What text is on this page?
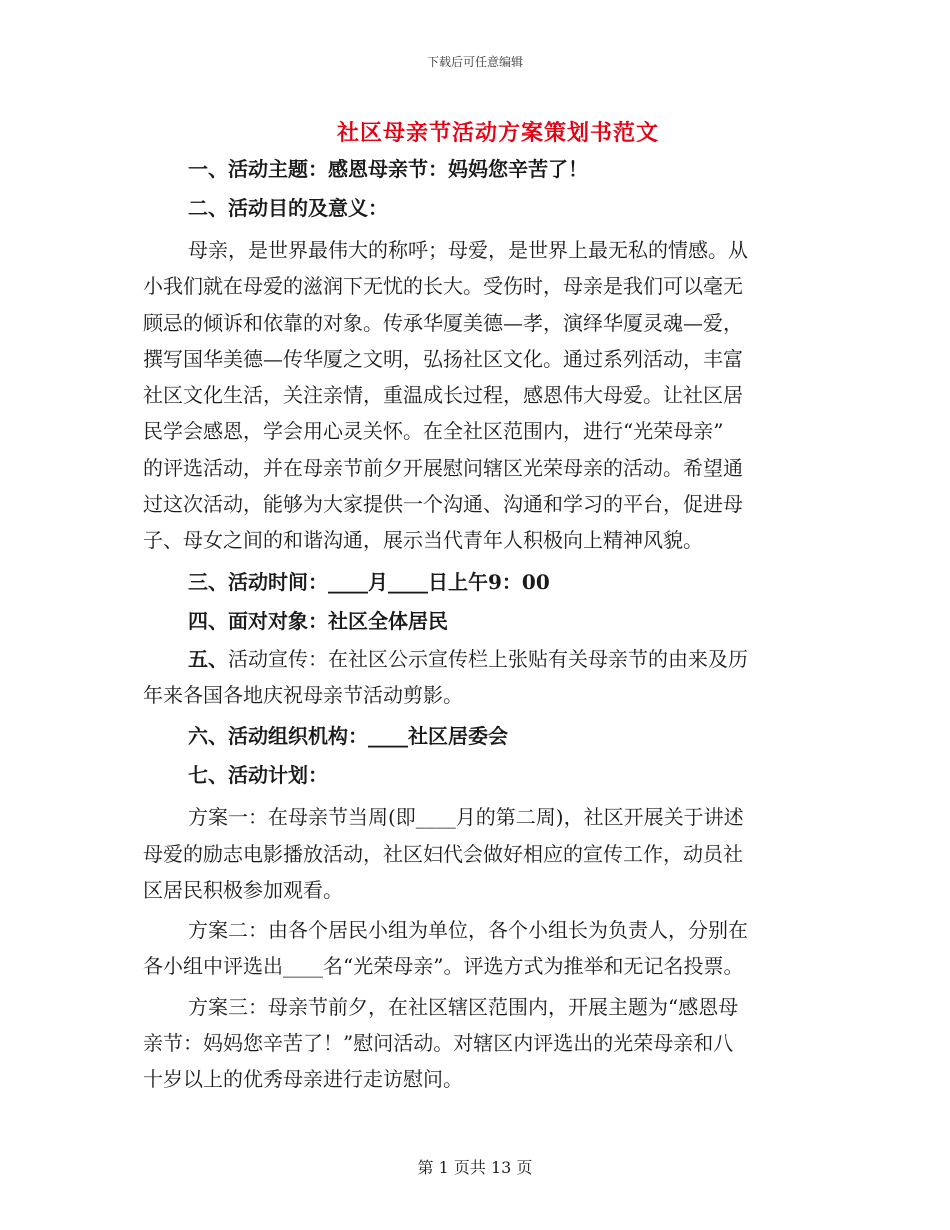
下载后可任意编辑
社区母亲节活动方案策划书范文
一、活动主题：感恩母亲节：妈妈您辛苦了！
二、活动目的及意义：
母亲，是世界最伟大的称呼；母爱，是世界上最无私的情感。从
小我们就在母爱的滋润下无忧的长大。受伤时，母亲是我们可以毫无
顾忌的倾诉和依靠的对象。传承华厦美德—孝，演绎华厦灵魂—爱，
撰写国华美德—传华厦之文明，弘扬社区文化。通过系列活动，丰富
社区文化生活，关注亲情，重温成长过程，感恩伟大母爱。让社区居
民学会感恩，学会用心灵关怀。在全社区范围内，进行“光荣母亲”
的评选活动，并在母亲节前夕开展慰问辖区光荣母亲的活动。希望通
过这次活动，能够为大家提供一个沟通、沟通和学习的平台，促进母
子、母女之间的和谐沟通，展示当代青年人积极向上精神风貌。
三、活动时间：____月____日上午9：00
四、面对对象：社区全体居民
五、活动宣传：在社区公示宣传栏上张贴有关母亲节的由来及历
年来各国各地庆祝母亲节活动剪影。
六、活动组织机构：____社区居委会
七、活动计划：
方案一：在母亲节当周(即____月的第二周)，社区开展关于讲述
母爱的励志电影播放活动，社区妇代会做好相应的宣传工作，动员社
区居民积极参加观看。
方案二：由各个居民小组为单位，各个小组长为负责人，分别在
各小组中评选出____名“光荣母亲”。评选方式为推举和无记名投票。
方案三：母亲节前夕，在社区辖区范围内，开展主题为“感恩母
亲节：妈妈您辛苦了！”慰问活动。对辖区内评选出的光荣母亲和八
十岁以上的优秀母亲进行走访慰问。
第 1 页共 13 页
